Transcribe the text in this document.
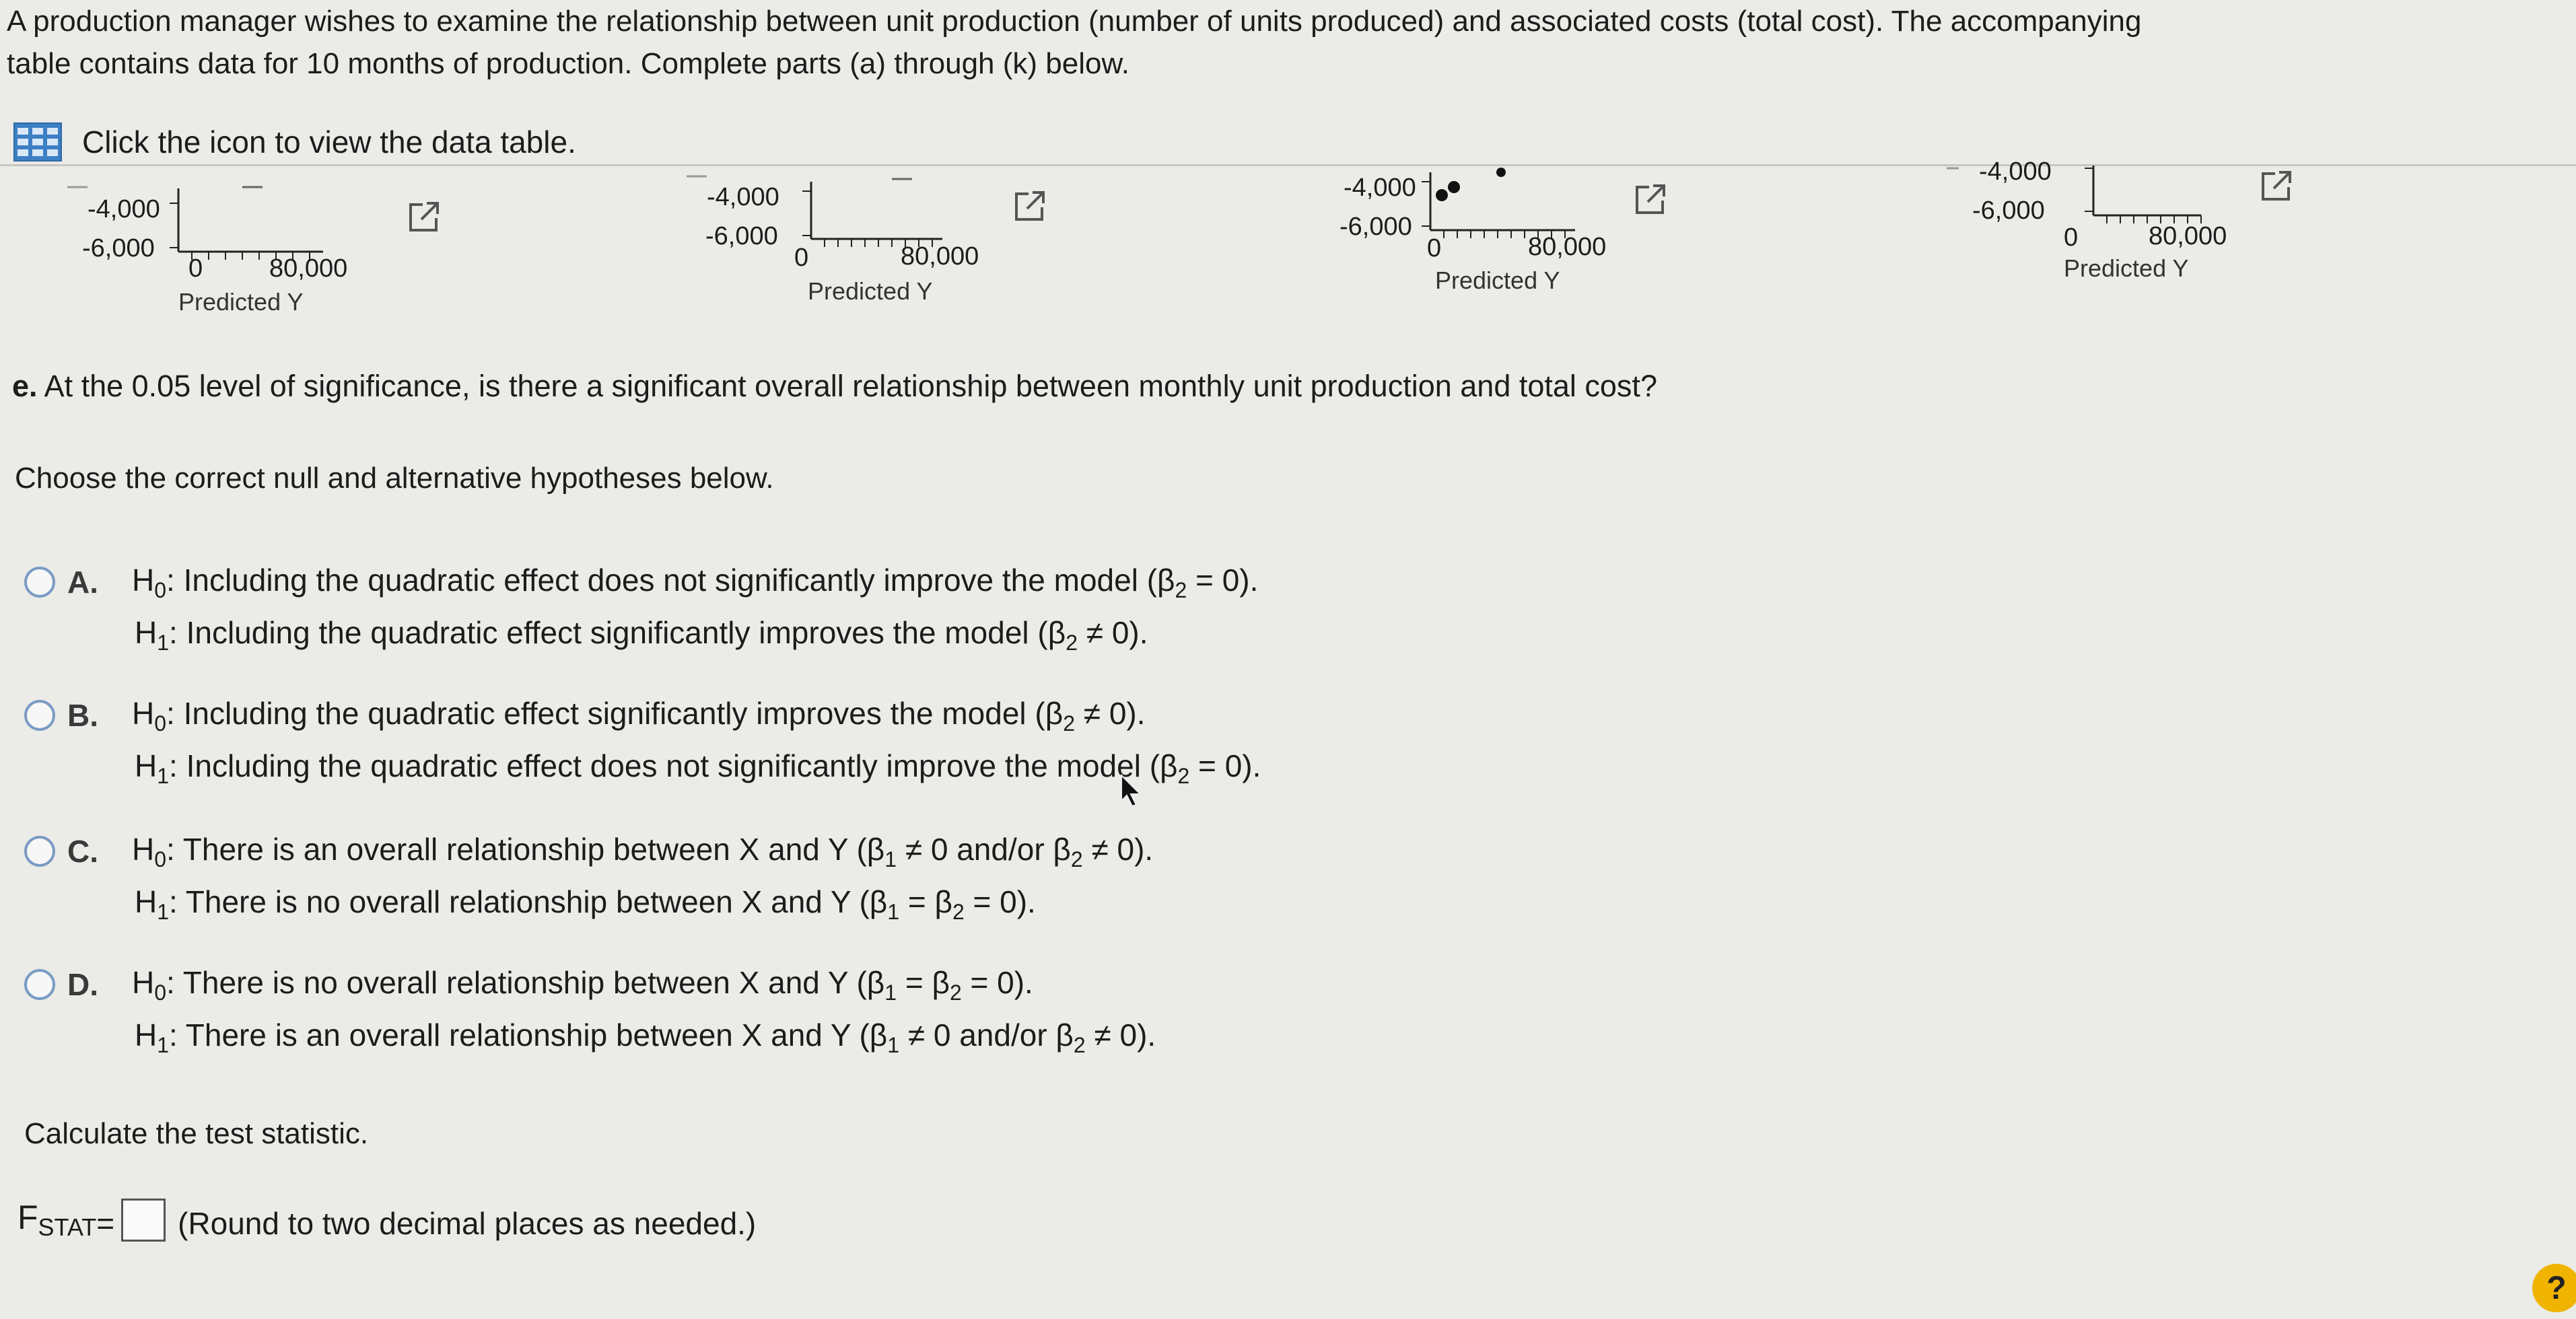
A production manager wishes to examine the relationship between unit production (number of units produced) and associated costs (total cost). The accompanying
table contains data for 10 months of production. Complete parts (a) through (k) below.
Click the icon to view the data table.
-4,000
-6,000
0	80,000
Predicted Y
-4,000
-6,000
0	80,000
Predicted Y
-4,000
-6,000
0	80,000
Predicted Y
-4,000
-6,000
0	80,000
Predicted Y
e. At the 0.05 level of significance, is there a significant overall relationship between monthly unit production and total cost?
Choose the correct null and alternative hypotheses below.
A.	$H_0$: Including the quadratic effect does not significantly improve the model $(\beta_2 = 0)$.
$H_1$: Including the quadratic effect significantly improves the model $(\beta_2 \ne 0)$.
B.	$H_0$: Including the quadratic effect significantly improves the model $(\beta_2 \ne 0)$.
$H_1$: Including the quadratic effect does not significantly improve the model $(\beta_2 = 0)$.
C.	$H_0$: There is an overall relationship between X and Y ($\beta_1 \ne 0$ and/or $\beta_2 \ne 0$).
$H_1$: There is no overall relationship between X and Y $(\beta_1 = \beta_2 = 0)$.
D.	$H_0$: There is no overall relationship between X and Y $(\beta_1 = \beta_2 = 0)$.
$H_1$: There is an overall relationship between X and Y ($\beta_1 \ne 0$ and/or $\beta_2 \ne 0$).
Calculate the test statistic.
$F_{STAT}$ = (Round to two decimal places as needed.)
?
